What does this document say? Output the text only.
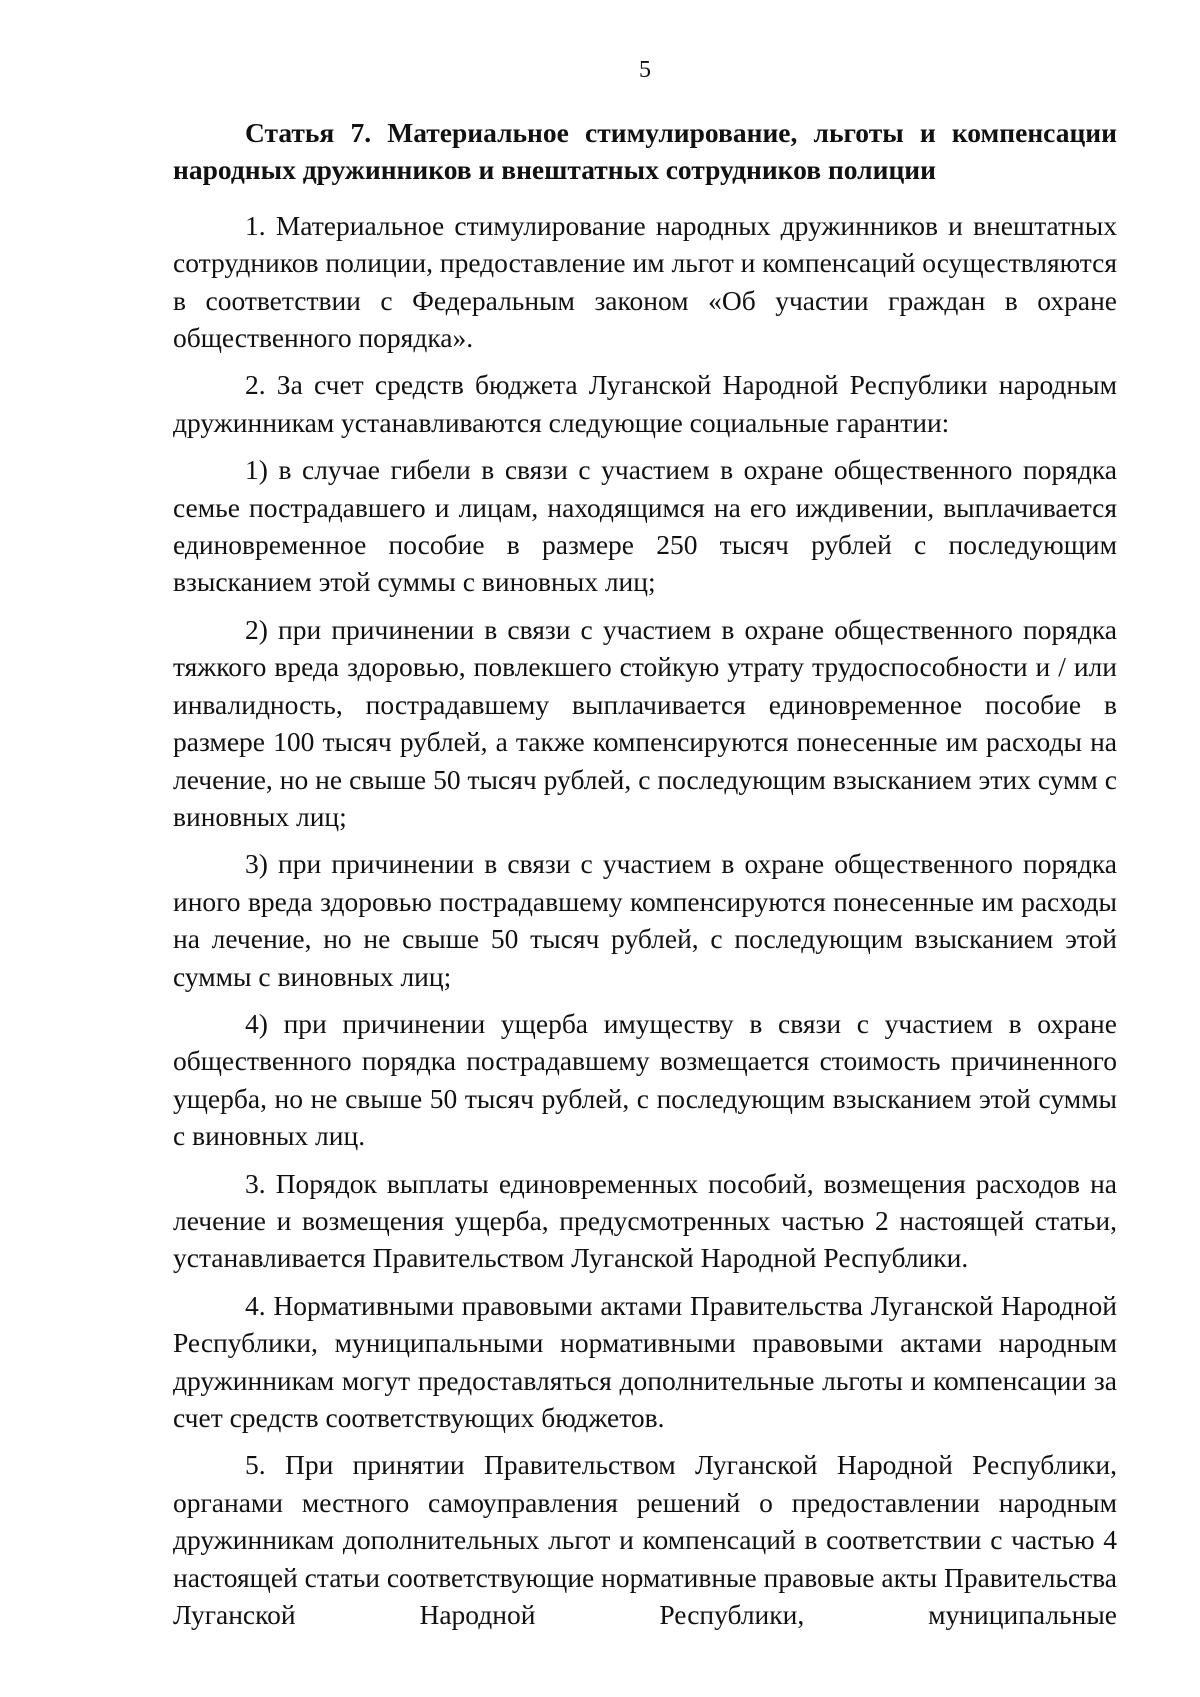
5

Статья 7. Материальное стимулирование, льготы и компенсации народных дружинников и внештатных сотрудников полиции

1. Материальное стимулирование народных дружинников и внештатных сотрудников полиции, предоставление им льгот и компенсаций осуществляются в соответствии с Федеральным законом «Об участии граждан в охране общественного порядка».

2. За счет средств бюджета Луганской Народной Республики народным дружинникам устанавливаются следующие социальные гарантии:

1) в случае гибели в связи с участием в охране общественного порядка семье пострадавшего и лицам, находящимся на его иждивении, выплачивается единовременное пособие в размере 250 тысяч рублей с последующим взысканием этой суммы с виновных лиц;

2) при причинении в связи с участием в охране общественного порядка тяжкого вреда здоровью, повлекшего стойкую утрату трудоспособности и / или инвалидность, пострадавшему выплачивается единовременное пособие в размере 100 тысяч рублей, а также компенсируются понесенные им расходы на лечение, но не свыше 50 тысяч рублей, с последующим взысканием этих сумм с виновных лиц;

3) при причинении в связи с участием в охране общественного порядка иного вреда здоровью пострадавшему компенсируются понесенные им расходы на лечение, но не свыше 50 тысяч рублей, с последующим взысканием этой суммы с виновных лиц;

4) при причинении ущерба имуществу в связи с участием в охране общественного порядка пострадавшему возмещается стоимость причиненного ущерба, но не свыше 50 тысяч рублей, с последующим взысканием этой суммы с виновных лиц.

3. Порядок выплаты единовременных пособий, возмещения расходов на лечение и возмещения ущерба, предусмотренных частью 2 настоящей статьи, устанавливается Правительством Луганской Народной Республики.

4. Нормативными правовыми актами Правительства Луганской Народной Республики, муниципальными нормативными правовыми актами народным дружинникам могут предоставляться дополнительные льготы и компенсации за счет средств соответствующих бюджетов.

5. При принятии Правительством Луганской Народной Республики, органами местного самоуправления решений о предоставлении народным дружинникам дополнительных льгот и компенсаций в соответствии с частью 4 настоящей статьи соответствующие нормативные правовые акты Правительства Луганской Народной Республики, муниципальные
